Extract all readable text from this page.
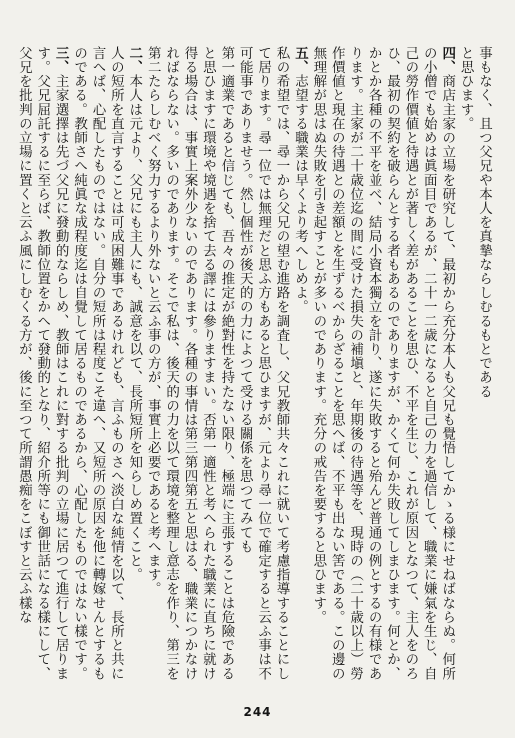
事もなく、且つ父兄や本人を真摯ならしむるもとである

と思ひます。

四、商店主家の立場を研究して、最初から充分本人も父兄も覺悟してかゝる様にせねばならぬ。何所の小僧でも始めは眞面目であるが、二十一二歳になると自己の力を過信して、職業に嫌氣を生じ、自己の勞作價値と待遇とが著しく差があることを思ひ、不平を生じ、これが原因となつて、主人をのろひ、最初の契約を破らんとする者もあるのでありますが、かくて何か失敗してしまひます。何とか、かとか各種の不平を並べ、結局小資本獨立を計り、遂に失敗すると殆んど普通の例とするの有様であります。主家が二十歳位迄の間に受けた損失の補塡と、年期後の待遇等を、現時の（二十歳以上）勞作價値と現在の待遇との差額とを生ずるべからざることを思へば、不平も出ない筈である。この邊の無理解が思はぬ失敗を引き起すことが多いのであります。充分の戒告を要すると思ひます。

五、志望する職業は早くより考へしめよ。

私の希望では、尋一から父兄の望む進路を調査し、父兄教師共々これに就いて考慮指導することにして居ります。尋一位では無理だと思ふ方もあると思ひますが、元より尋一位で確定すると云ふ事は不可能事でありませう。然し個性が後天的の力によつて受ける關係を思つてみても

第一適業であると信じても、吾々の推定が絶對性を持たない限り、極端に主張することは危險であると思ひますに環境や境遇を捨て去る譯には參りますまい。否第一適性と考へられた職業に直ちに就け得る場合は、事實上案外少ないのであります。各種の事情は第三第四第五と思はる、職業につかなければならない。多いのであります。そこで私は、後天的の力を以て環境を整理し意志を作り、第三を第二たらしむべく努力するより外ないと云ふ事の方が、事實上必要であると考へます。

二、本人は元より、父兄にも主人にも、誠意を以て、長所短所を知らしめ置くこと。

人の短所を直言することは可成困難事であるけれども、言ふものさへ淡白な純情を以て、長所と共に言へば、心配したものではない。自分の短所は程度こそ違へ、又短所の原因を他に轉嫁せんとするものである。教師さへ純眞な成程度迄は自覺して居るものであるから、心配したものではない樣です。

三、主家選擇は先づ父兄に發動的ならしめ、教師はこれに對する批判の立場に居つて進行して居ります。父兄屈託するに至らば、教師位置をかへて發動的となり、紹介所等にも御世話になる樣にして、父兄を批判の立場に置くと云ふ風にしむくる方が、後に至つて所謂愚痴をこぼすと云ふ樣な

244
